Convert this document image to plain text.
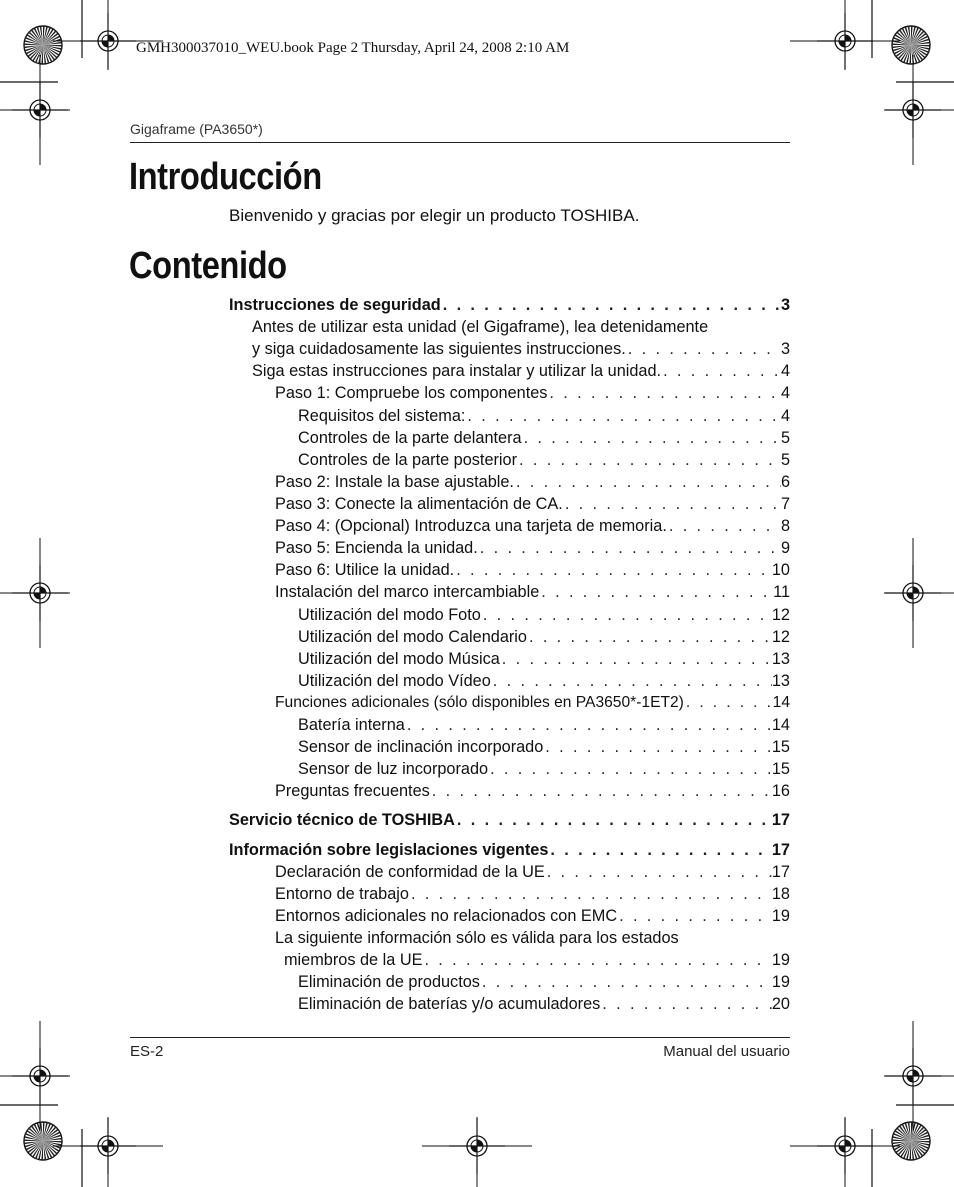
GMH300037010_WEU.book Page 2 Thursday, April 24, 2008 2:10 AM
Gigaframe (PA3650*)
Introducción
Bienvenido y gracias por elegir un producto TOSHIBA.
Contenido
Instrucciones de seguridad . . .	3
Antes de utilizar esta unidad (el Gigaframe), lea detenidamente
y siga cuidadosamente las siguientes instrucciones. . . .	3
Siga estas instrucciones para instalar y utilizar la unidad. . . .	4
Paso 1: Compruebe los componentes . . .	4
Requisitos del sistema: . . .	4
Controles de la parte delantera . . .	5
Controles de la parte posterior . . .	5
Paso 2: Instale la base ajustable. . . .	6
Paso 3: Conecte la alimentación de CA. . . .	7
Paso 4: (Opcional) Introduzca una tarjeta de memoria. . . .	8
Paso 5: Encienda la unidad. . . .	9
Paso 6: Utilice la unidad. . . .	10
Instalación del marco intercambiable . . .	11
Utilización del modo Foto . . .	12
Utilización del modo Calendario . . .	12
Utilización del modo Música . . .	13
Utilización del modo Vídeo . . .	13
Funciones adicionales (sólo disponibles en PA3650*-1ET2) . . .	14
Batería interna . . .	14
Sensor de inclinación incorporado . . .	15
Sensor de luz incorporado . . .	15
Preguntas frecuentes . . .	16
Servicio técnico de TOSHIBA . . .	17
Información sobre legislaciones vigentes . . .	17
Declaración de conformidad de la UE . . .	17
Entorno de trabajo . . .	18
Entornos adicionales no relacionados con EMC . . .	19
La siguiente información sólo es válida para los estados
miembros de la UE . . .	19
Eliminación de productos . . .	19
Eliminación de baterías y/o acumuladores . . .	20
ES-2	Manual del usuario
